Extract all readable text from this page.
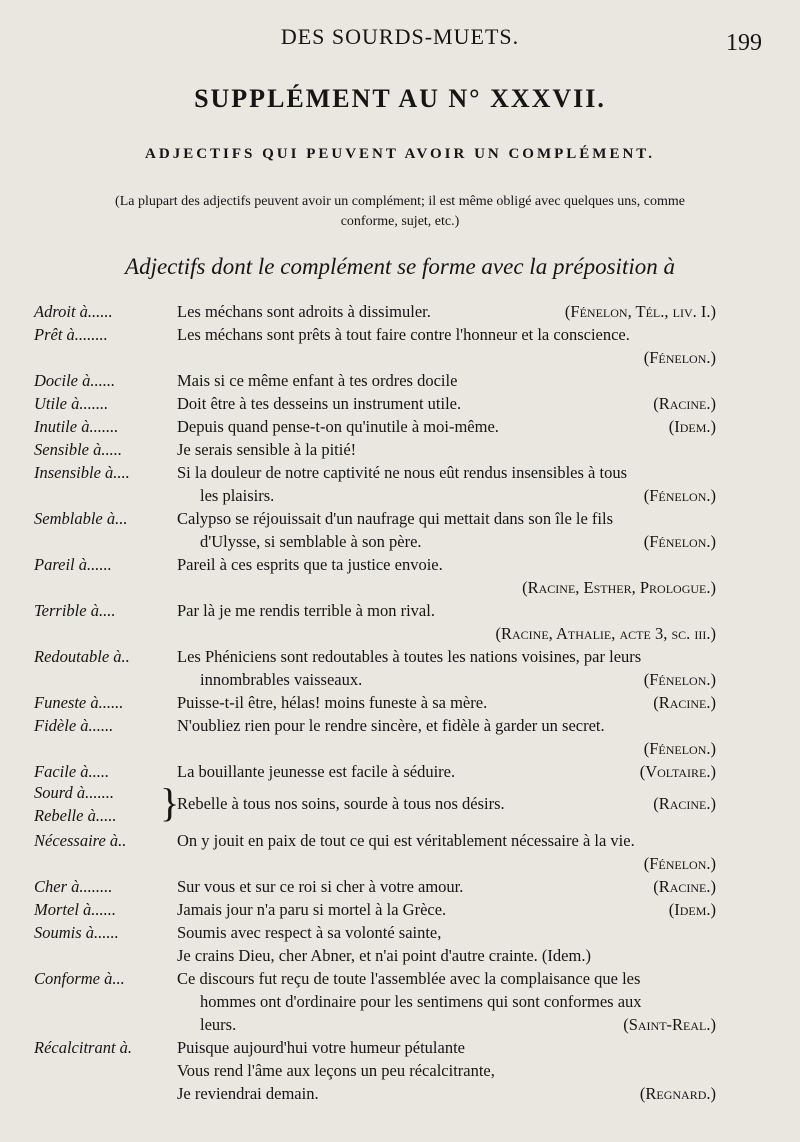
DES SOURDS-MUETS.	199
SUPPLÉMENT AU N° XXXVII.
ADJECTIFS QUI PEUVENT AVOIR UN COMPLÉMENT.
(La plupart des adjectifs peuvent avoir un complément; il est même obligé avec quelques uns, comme
conforme, sujet, etc.)
Adjectifs dont le complément se forme avec la préposition à
Adroit à......	Les méchans sont adroits à dissimuler.	(Fénelon, Tél., liv. I.)
Prêt à........	Les méchans sont prêts à tout faire contre l'honneur et la conscience.
(Fénelon.)
Docile à......	Mais si ce même enfant à tes ordres docile
Utile à.......	Doit être à tes desseins un instrument utile.	(Racine.)
Inutile à.......	Depuis quand pense-t-on qu'inutile à moi-même.	(Idem.)
Sensible à.....	Je serais sensible à la pitié!
Insensible à....	Si la douleur de notre captivité ne nous eût rendus insensibles à tous
les plaisirs.	(Fénelon.)
Semblable à...	Calypso se réjouissait d'un naufrage qui mettait dans son île le fils
d'Ulysse, si semblable à son père.	(Fénelon.)
Pareil à......	Pareil à ces esprits que ta justice envoie.
(Racine, Esther, Prologue.)
Terrible à....	Par là je me rendis terrible à mon rival.
(Racine, Athalie, acte 3, sc. iii.)
Redoutable à..	Les Phéniciens sont redoutables à toutes les nations voisines, par leurs
innombrables vaisseaux.	(Fénelon.)
Funeste à......	Puisse-t-il être, hélas! moins funeste à sa mère.	(Racine.)
Fidèle à......	N'oubliez rien pour le rendre sincère, et fidèle à garder un secret.
(Fénelon.)
Facile à.....	La bouillante jeunesse est facile à séduire.	(Voltaire.)
Sourd à.......
Rebelle à..... }
Rebelle à tous nos soins, sourde à tous nos désirs.	(Racine.)
Nécessaire à..	On y jouit en paix de tout ce qui est véritablement nécessaire à la vie.
(Fénelon.)
Cher à........	Sur vous et sur ce roi si cher à votre amour.	(Racine.)
Mortel à......	Jamais jour n'a paru si mortel à la Grèce.	(Idem.)
Soumis à......	Soumis avec respect à sa volonté sainte,
Je crains Dieu, cher Abner, et n'ai point d'autre crainte. (Idem.)
Conforme à...	Ce discours fut reçu de toute l'assemblée avec la complaisance que les
hommes ont d'ordinaire pour les sentimens qui sont conformes aux
leurs.	(Saint-Real.)
Récalcitrant à.	Puisque aujourd'hui votre humeur pétulante
Vous rend l'âme aux leçons un peu récalcitrante,
Je reviendrai demain.	(Regnard.)
